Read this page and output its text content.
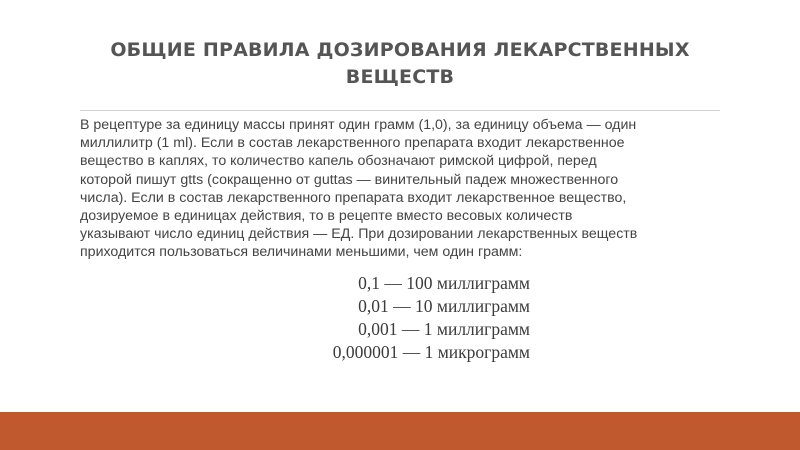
ОБЩИЕ ПРАВИЛА ДОЗИРОВАНИЯ ЛЕКАРСТВЕННЫХ ВЕЩЕСТВ
В рецептуре за единицу массы принят один грамм (1,0), за единицу объема — один
миллилитр (1 ml). Если в состав лекарственного препарата входит лекарственное
вещество в каплях, то количество капель обозначают римской цифрой, перед
которой пишут gtts (сокращенно от guttas — винительный падеж множественного
числа). Если в состав лекарственного препарата входит лекарственное вещество,
дозируемое в единицах действия, то в рецепте вместо весовых количеств
указывают число единиц действия — ЕД. При дозировании лекарственных веществ
приходится пользоваться величинами меньшими, чем один грамм:
0,1 — 100 миллиграмм
0,01 — 10 миллиграмм
0,001 — 1 миллиграмм
0,000001 — 1 микрограмм
